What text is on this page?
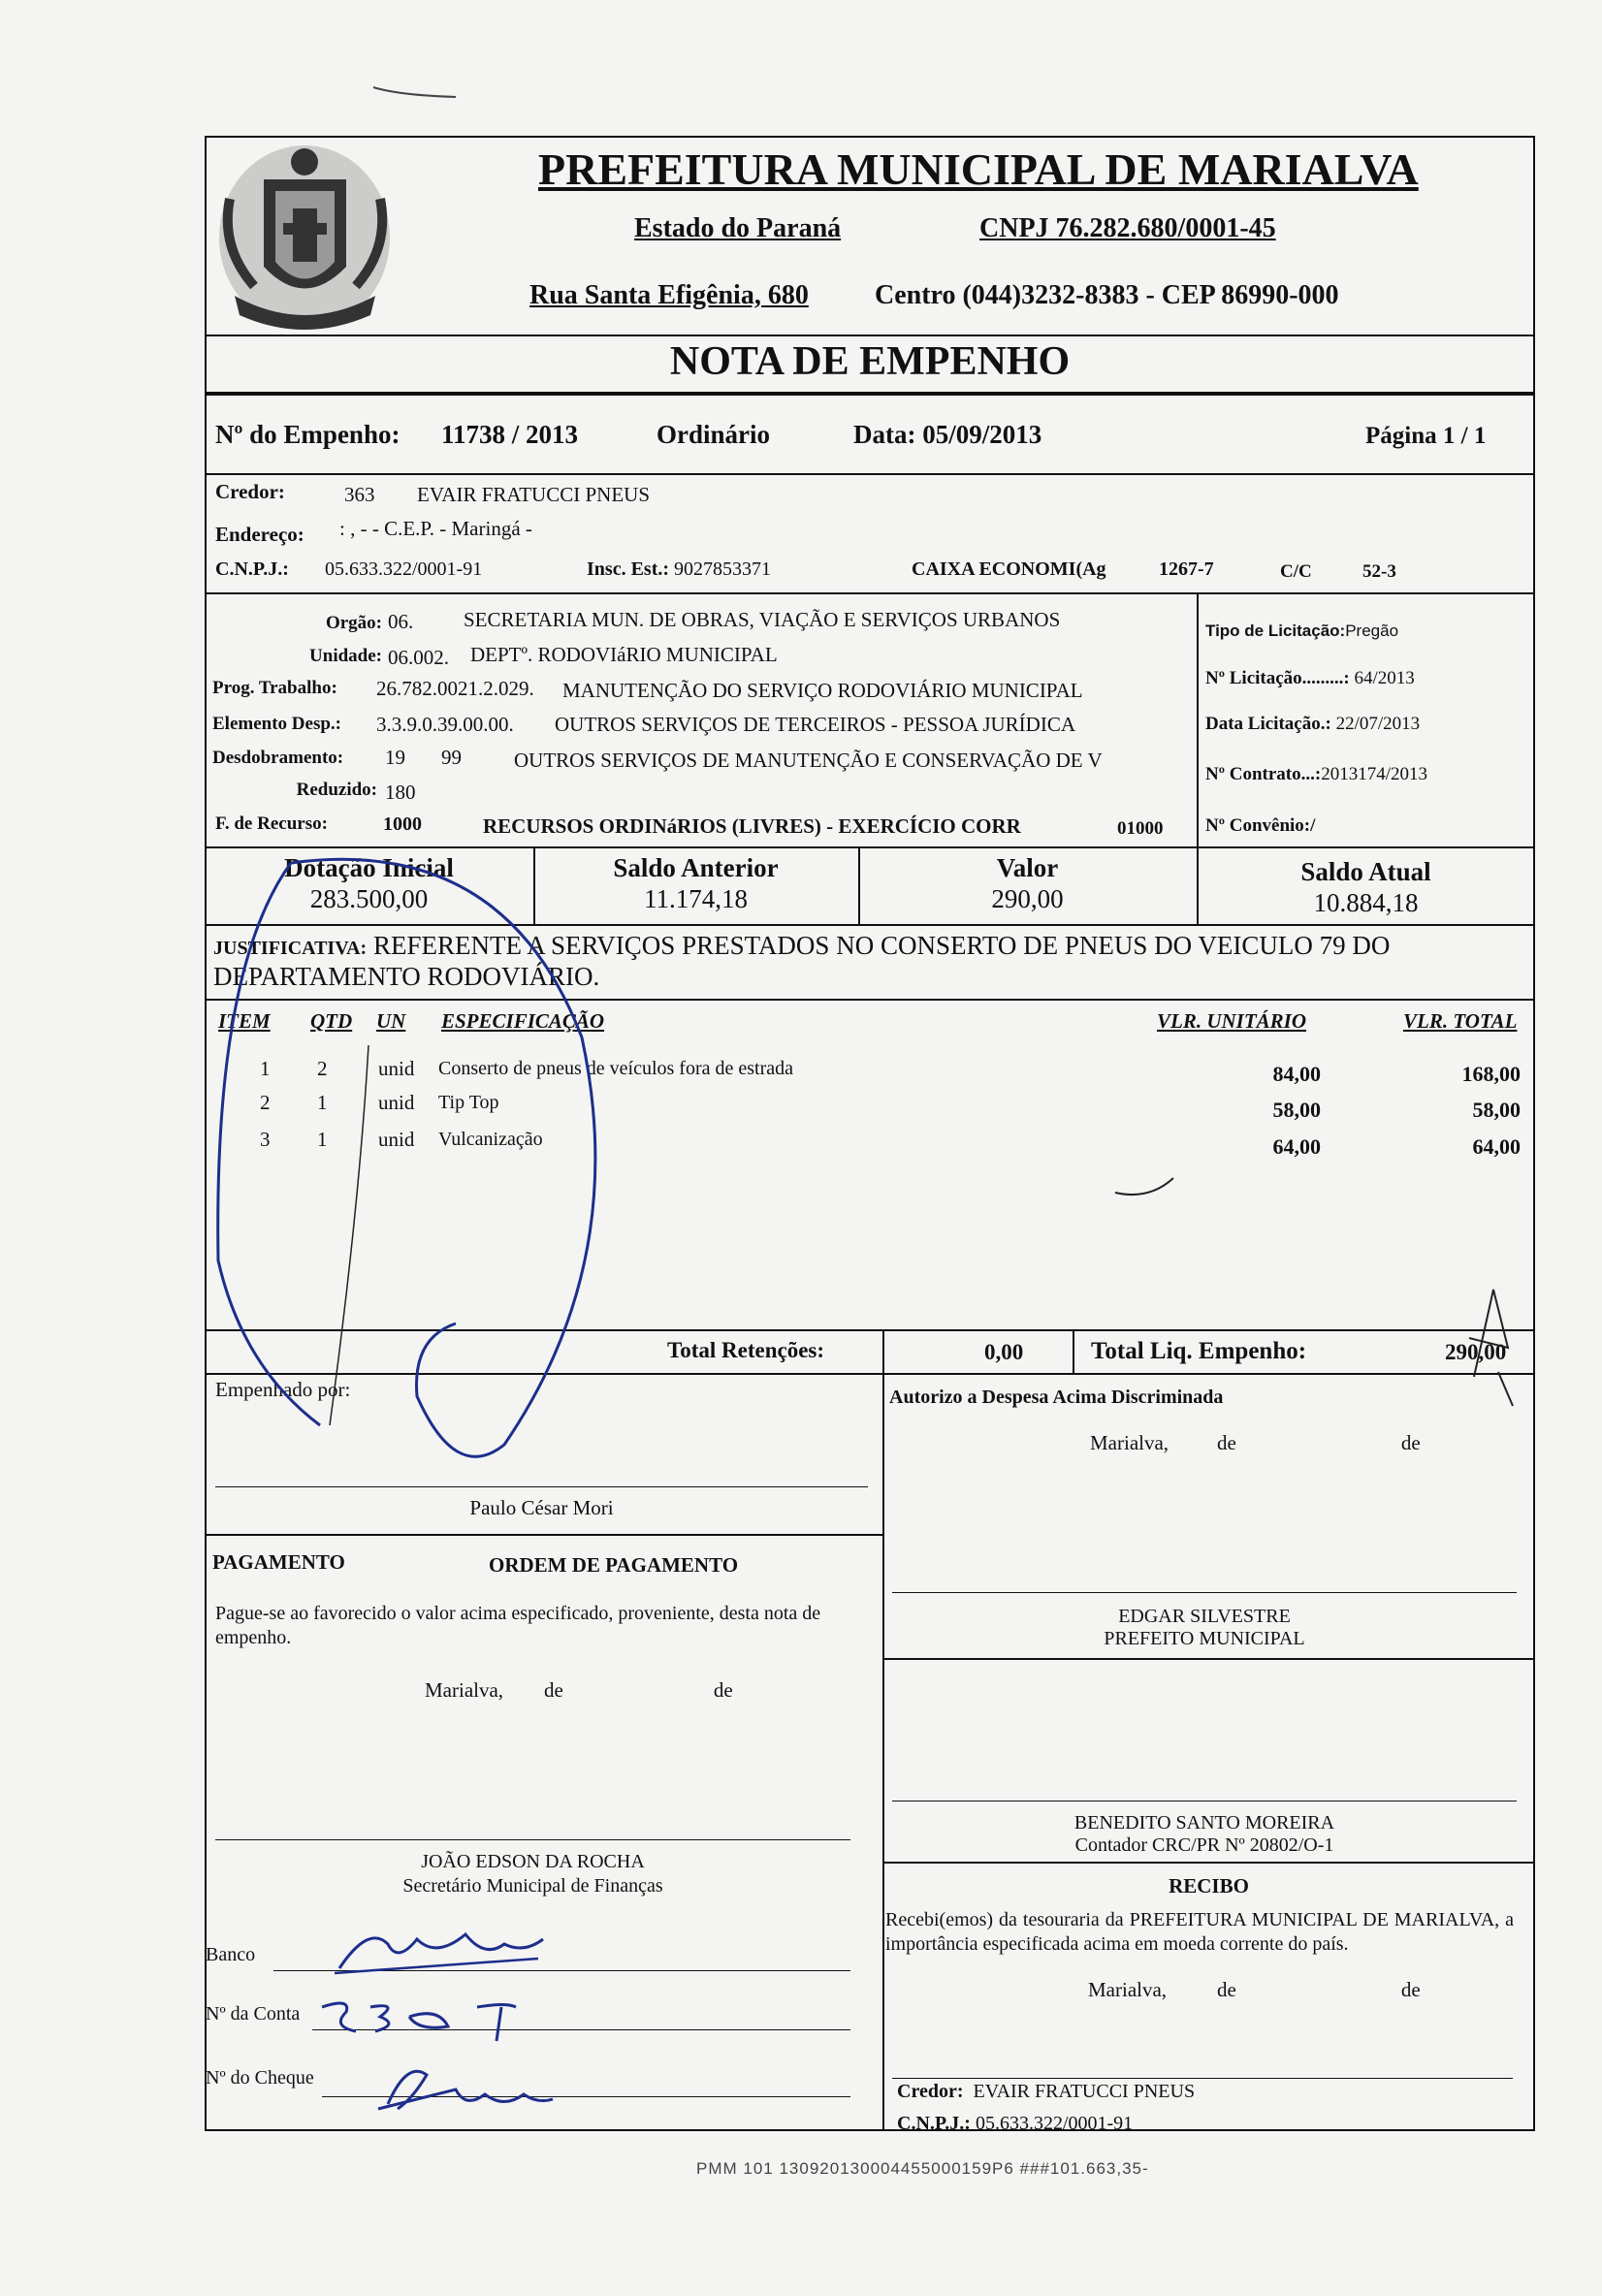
PREFEITURA MUNICIPAL DE MARIALVA
Estado do Paraná	CNPJ 76.282.680/0001-45
Rua Santa Efigênia, 680 Centro (044)3232-8383 - CEP 86990-000
NOTA DE EMPENHO
Nº do Empenho: 11738 / 2013	Ordinário	Data: 05/09/2013	Página 1 / 1
Credor:	363 EVAIR FRATUCCI PNEUS
Endereço: : , - - C.E.P. - Maringá -
C.N.P.J.: 05.633.322/0001-91	Insc. Est.: 9027853371	CAIXA ECONOMI(Ag	1267-7	C/C	52-3
Orgão: 06. SECRETARIA MUN. DE OBRAS, VIAÇÃO E SERVIÇOS URBANOS
Unidade: 06.002. DEPTº. RODOVIáRIO MUNICIPAL
Prog. Trabalho: 26.782.0021.2.029. MANUTENÇÃO DO SERVIÇO RODOVIÁRIO MUNICIPAL
Elemento Desp.: 3.3.9.0.39.00.00. OUTROS SERVIÇOS DE TERCEIROS - PESSOA JURÍDICA
Desdobramento: 19 99	OUTROS SERVIÇOS DE MANUTENÇÃO E CONSERVAÇÃO DE V
Reduzido: 180
F. de Recurso:	1000	RECURSOS ORDINáRIOS (LIVRES) - EXERCÍCIO CORR	01000
Tipo de Licitação:Pregão
Nº Licitação.........: 64/2013
Data Licitação.: 22/07/2013
Nº Contrato...:2013174/2013
Nº Convênio:/
Dotação Inicial
283.500,00
Saldo Anterior
11.174,18
Valor
290,00
Saldo Atual
10.884,18
JUSTIFICATIVA: REFERENTE A SERVIÇOS PRESTADOS NO CONSERTO DE PNEUS DO VEICULO 79 DO
DEPARTAMENTO RODOVIÁRIO.
ITEM QTD UN ESPECIFICAÇÃO	VLR. UNITÁRIO	VLR. TOTAL
1 2	unid Conserto de pneus de veículos fora de estrada	84,00	168,00
2 1	unid Tip Top	58,00	58,00
3 1	unid Vulcanização	64,00	64,00
Total Retenções:	0,00	Total Liq. Empenho:	290,00
Empenhado por:
Paulo César Mori
Autorizo a Despesa Acima Discriminada
Marialva, de	de
PAGAMENTO	ORDEM DE PAGAMENTO
Pague-se ao favorecido o valor acima especificado, proveniente, desta nota de empenho.
Marialva, de	de
JOÃO EDSON DA ROCHA
Secretário Municipal de Finanças
Banco
Nº da Conta
Nº do Cheque
EDGAR SILVESTRE
PREFEITO MUNICIPAL
BENEDITO SANTO MOREIRA
Contador CRC/PR Nº 20802/O-1
RECIBO
Recebi(emos) da tesouraria da PREFEITURA MUNICIPAL DE MARIALVA, a importância especificada acima em moeda corrente do país.
Marialva, de	de
Credor: EVAIR FRATUCCI PNEUS
C.N.P.J.: 05.633.322/0001-91
PMM 101 130920130004455000159P6 ###101.663,35-
